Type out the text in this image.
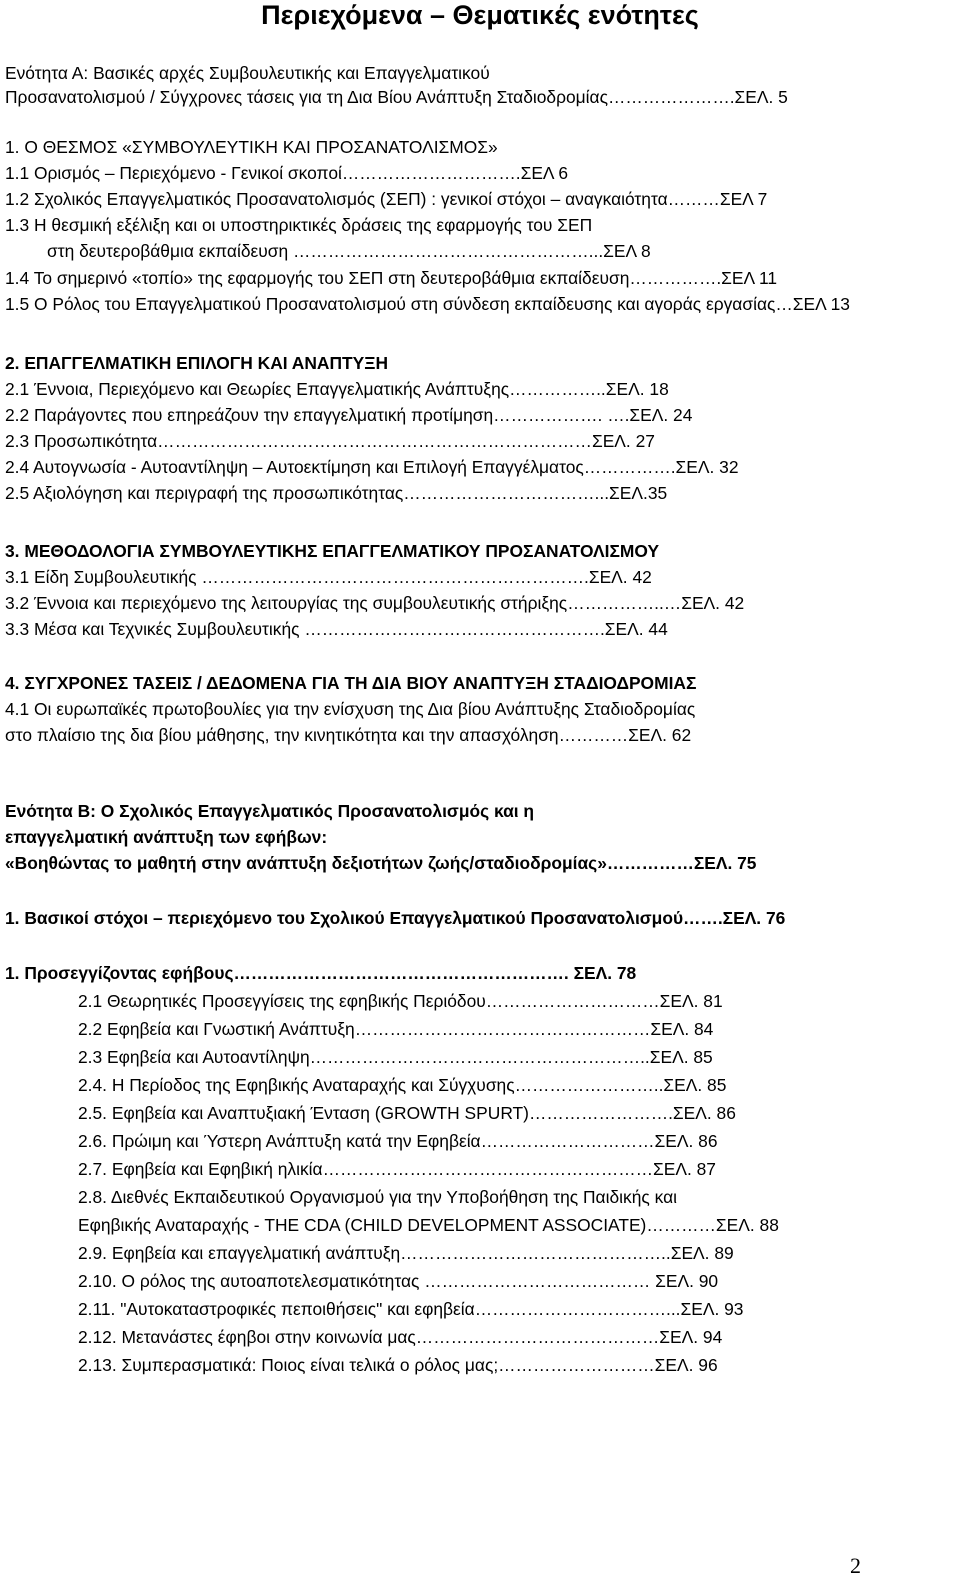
Περιεχόμενα – Θεματικές ενότητες
Ενότητα Α: Βασικές αρχές Συμβουλευτικής και Επαγγελματικού
Προσανατολισμού / Σύγχρονες τάσεις για τη Δια Βίου Ανάπτυξη Σταδιοδρομίας………………….ΣΕΛ. 5
1. Ο ΘΕΣΜΟΣ «ΣΥΜΒΟΥΛΕΥΤΙΚΗ ΚΑΙ ΠΡΟΣΑΝΑΤΟΛΙΣΜΟΣ»
1.1 Ορισμός – Περιεχόμενο - Γενικοί σκοποί………………………….ΣΕΛ 6
1.2 Σχολικός Επαγγελματικός Προσανατολισμός (ΣΕΠ) : γενικοί στόχοι – αναγκαιότητα………ΣΕΛ 7
1.3 Η θεσμική εξέλιξη και οι υποστηρικτικές δράσεις της εφαρμογής του ΣΕΠ
στη δευτεροβάθμια εκπαίδευση ……………………………………………...ΣΕΛ 8
1.4 Το σημερινό «τοπίο» της εφαρμογής του ΣΕΠ στη δευτεροβάθμια εκπαίδευση…………….ΣΕΛ 11
1.5 Ο Ρόλος του Επαγγελματικού Προσανατολισμού στη σύνδεση εκπαίδευσης και αγοράς εργασίας…ΣΕΛ 13
2. ΕΠΑΓΓΕΛΜΑΤΙΚΗ ΕΠΙΛΟΓΗ ΚΑΙ ΑΝΑΠΤΥΞΗ
2.1 Έννοια, Περιεχόμενο και Θεωρίες Επαγγελματικής Ανάπτυξης……………..ΣΕΛ. 18
2.2 Παράγοντες που επηρεάζουν την επαγγελματική προτίμηση………………. ….ΣΕΛ. 24
2.3 Προσωπικότητα…………………………………………………………………ΣΕΛ. 27
2.4 Αυτογνωσία - Αυτοαντίληψη – Αυτοεκτίμηση και Επιλογή Επαγγέλματος…………….ΣΕΛ. 32
2.5 Αξιολόγηση και περιγραφή της προσωπικότητας……………………………...ΣΕΛ.35
3. ΜΕΘΟΔΟΛΟΓΙΑ ΣΥΜΒΟΥΛΕΥΤΙΚΗΣ ΕΠΑΓΓΕΛΜΑΤΙΚΟΥ ΠΡΟΣΑΝΑΤΟΛΙΣΜΟΥ
3.1 Είδη Συμβουλευτικής ………………………………………………………….ΣΕΛ. 42
3.2 Έννοια και περιεχόμενο της λειτουργίας της συμβουλευτικής στήριξης……………..…ΣΕΛ. 42
3.3 Μέσα και Τεχνικές Συμβουλευτικής …………………………………………….ΣΕΛ. 44
4. ΣΥΓΧΡΟΝΕΣ ΤΑΣΕΙΣ / ΔΕΔΟΜΕΝΑ ΓΙΑ ΤΗ ΔΙΑ ΒΙΟΥ ΑΝΑΠΤΥΞΗ ΣΤΑΔΙΟΔΡΟΜΙΑΣ
4.1 Οι ευρωπαϊκές πρωτοβουλίες για την ενίσχυση της Δια βίου Ανάπτυξης Σταδιοδρομίας
στο πλαίσιο της δια βίου μάθησης, την κινητικότητα και την απασχόληση…………ΣΕΛ. 62
Ενότητα Β: Ο Σχολικός Επαγγελματικός Προσανατολισμός και η
επαγγελματική ανάπτυξη των εφήβων:
«Βοηθώντας το μαθητή στην ανάπτυξη δεξιοτήτων ζωής/σταδιοδρομίας»……………ΣΕΛ. 75
1. Βασικοί στόχοι – περιεχόμενο του Σχολικού Επαγγελματικού Προσανατολισμού…….ΣΕΛ. 76
1. Προσεγγίζοντας εφήβους…………………………………………………. ΣΕΛ. 78
2.1 Θεωρητικές Προσεγγίσεις της εφηβικής Περιόδου…………………………ΣΕΛ. 81
2.2 Εφηβεία και Γνωστική Ανάπτυξη……………………………………………ΣΕΛ. 84
2.3 Εφηβεία και Αυτοαντίληψη…………………………………………………..ΣΕΛ. 85
2.4. Η Περίοδος της Εφηβικής Αναταραχής και Σύγχυσης……………………..ΣΕΛ. 85
2.5. Εφηβεία και Αναπτυξιακή Ένταση (GROWTH SPURT)…………………….ΣΕΛ. 86
2.6. Πρώιμη και Ύστερη Ανάπτυξη κατά την Εφηβεία…………………………ΣΕΛ. 86
2.7. Εφηβεία και Εφηβική ηλικία…………………………………………………ΣΕΛ. 87
2.8. Διεθνές Εκπαιδευτικού Οργανισμού για την Υποβοήθηση της Παιδικής και
Εφηβικής Αναταραχής - THE CDA (CHILD DEVELOPMENT ASSOCIATE)…………ΣΕΛ. 88
2.9. Εφηβεία και επαγγελματική ανάπτυξη………………………………………..ΣΕΛ. 89
2.10. Ο ρόλος της αυτοαποτελεσματικότητας ………………………………… ΣΕΛ. 90
2.11. "Αυτοκαταστροφικές πεποιθήσεις" και εφηβεία……………………………...ΣΕΛ. 93
2.12. Μετανάστες έφηβοι στην κοινωνία μας……………………………………ΣΕΛ. 94
2.13. Συμπερασματικά: Ποιος είναι τελικά ο ρόλος μας;………………………ΣΕΛ. 96
2
